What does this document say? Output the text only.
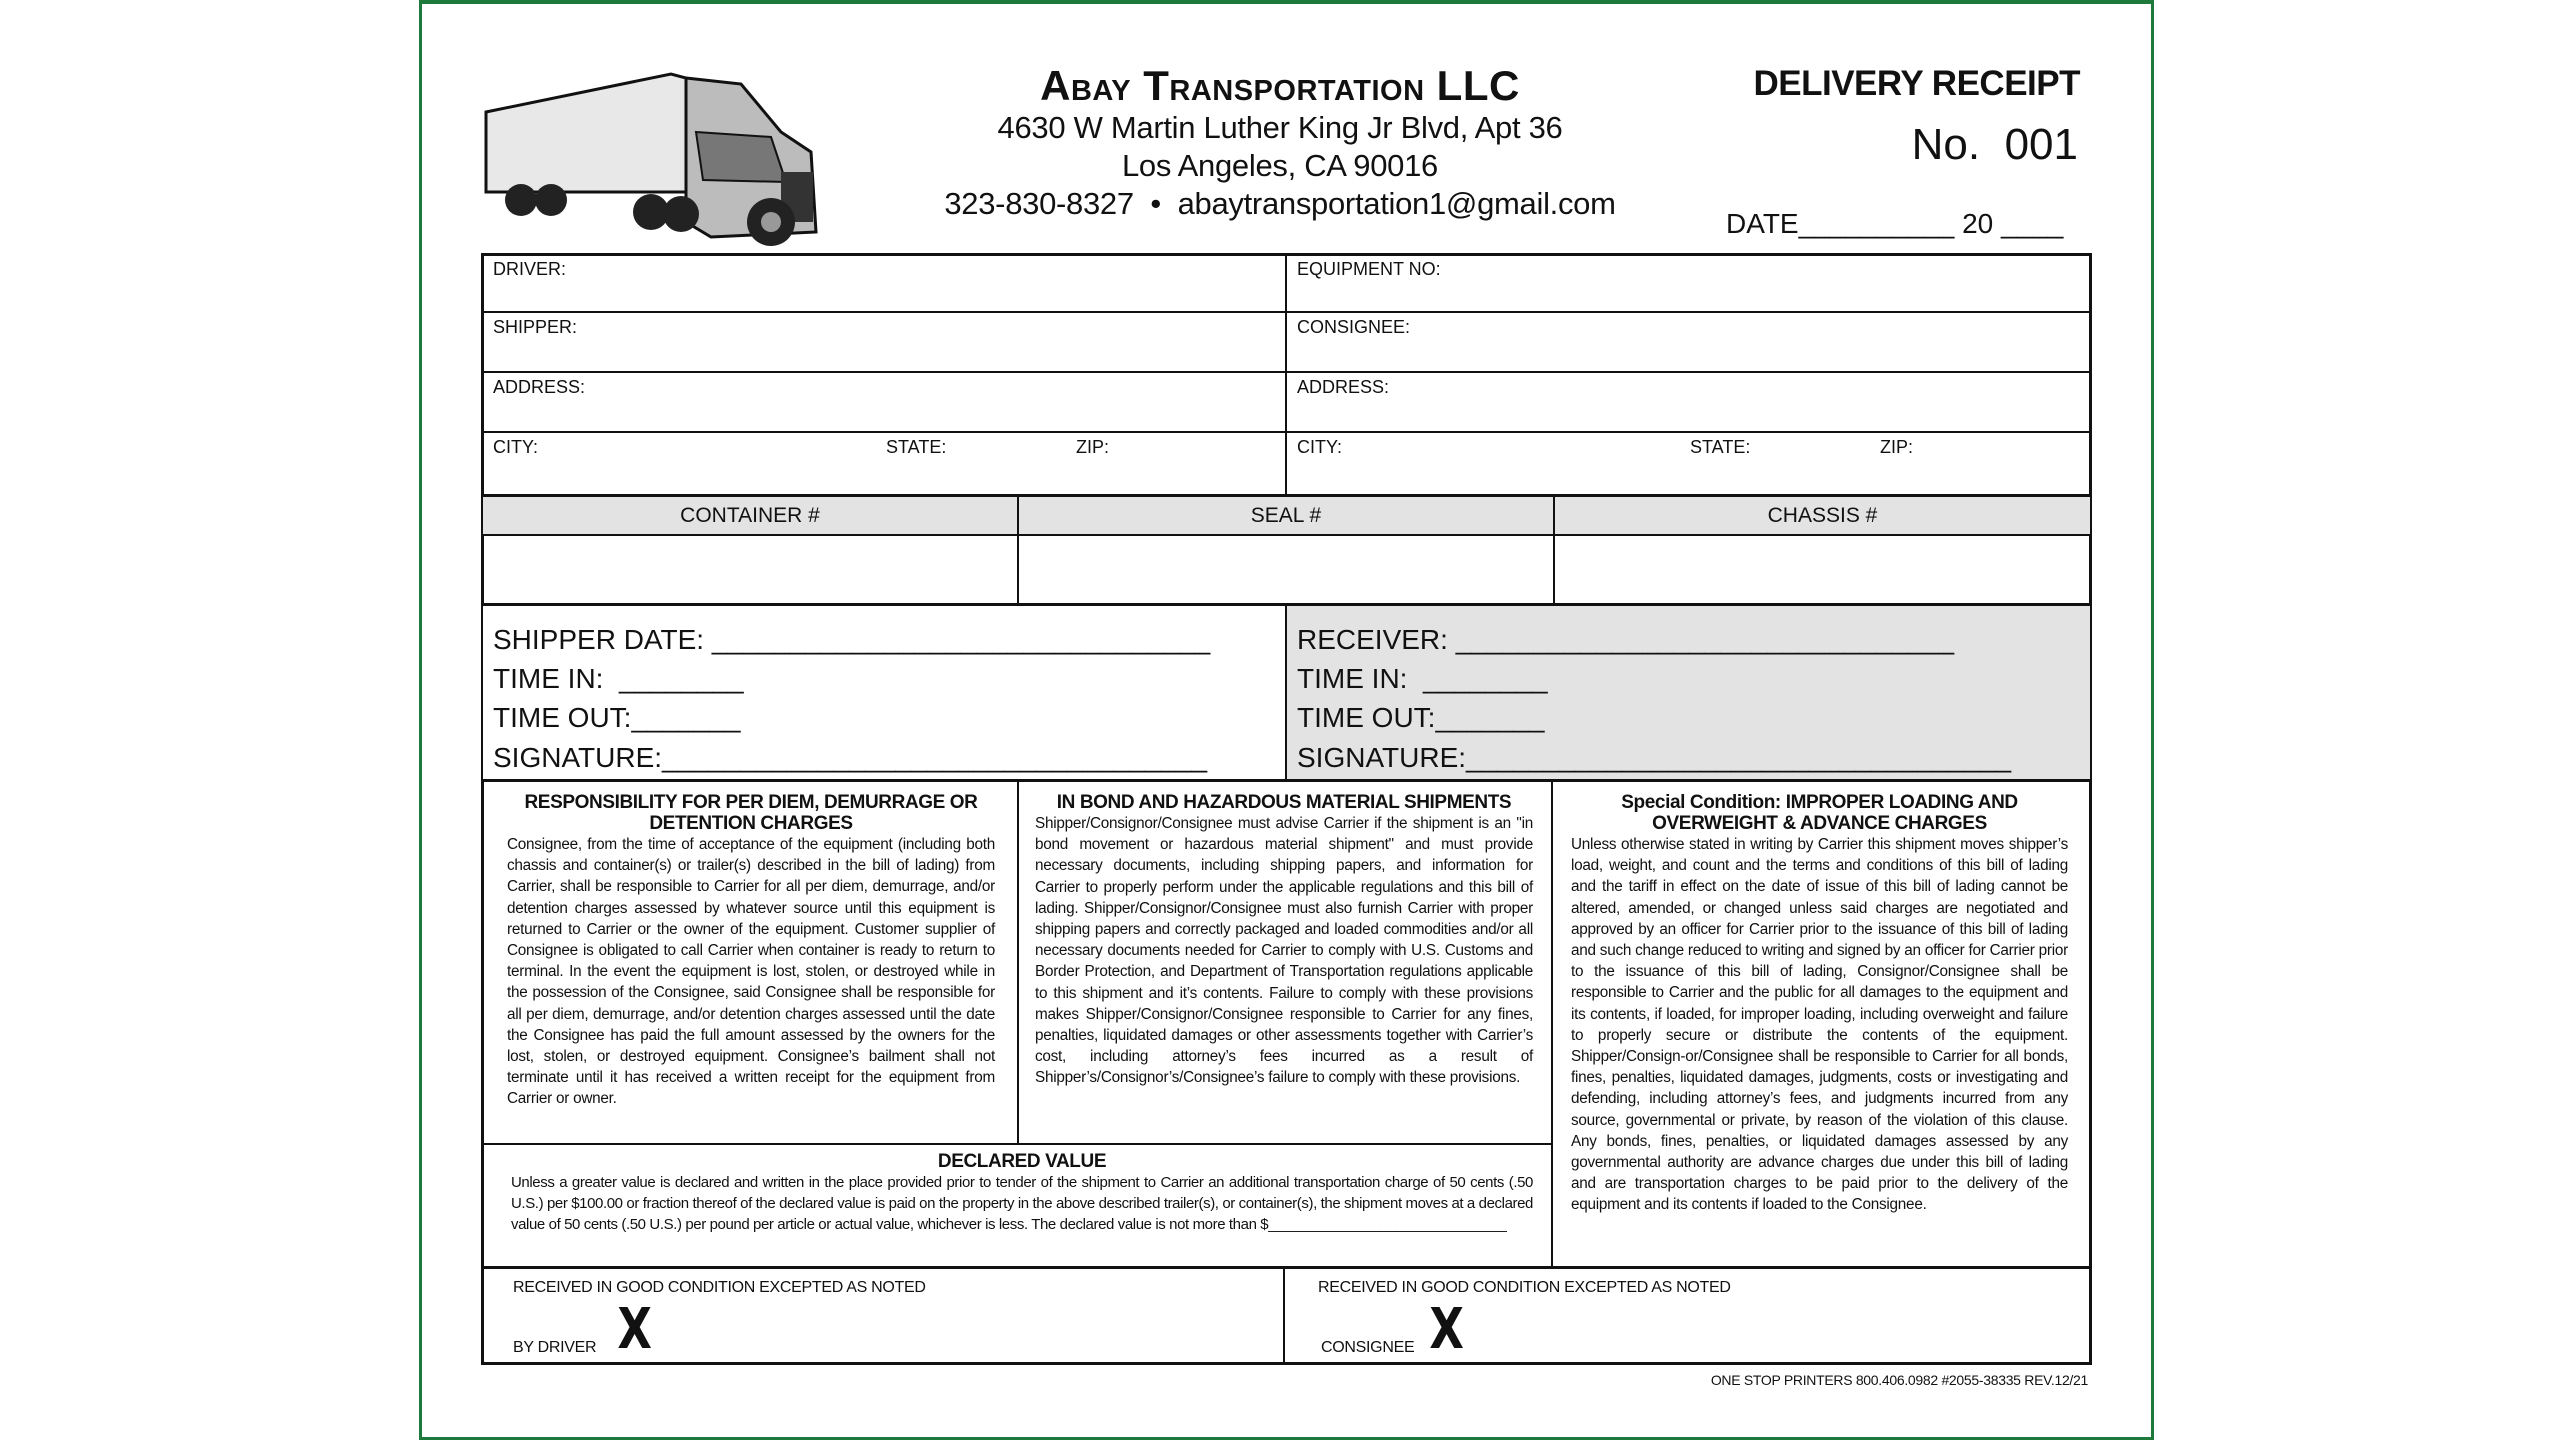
Abay Transportation LLC
4630 W Martin Luther King Jr Blvd, Apt 36
Los Angeles, CA 90016
323-830-8327  •  abaytransportation1@gmail.com
DELIVERY RECEIPT
No.  001
DATE__________ 20 ____
DRIVER:	EQUIPMENT NO:
SHIPPER:	CONSIGNEE:
ADDRESS:	ADDRESS:
CITY:	STATE:	ZIP:	CITY:	STATE:	ZIP:
CONTAINER #	SEAL #	CHASSIS #
SHIPPER DATE: ________________________________
TIME IN:  ________
TIME OUT:_______
SIGNATURE:___________________________________
RECEIVER: ________________________________
TIME IN:  ________
TIME OUT:_______
SIGNATURE:___________________________________
RESPONSIBILITY FOR PER DIEM, DEMURRAGE OR DETENTION CHARGES

Consignee, from the time of acceptance of the equipment (including both chassis and container(s) or trailer(s) described in the bill of lading) from Carrier, shall be responsible to Carrier for all per diem, demurrage, and/or detention charges assessed by whatever source until this equipment is returned to Carrier or the owner of the equipment. Customer supplier of Consignee is obligated to call Carrier when container is ready to return to terminal. In the event the equipment is lost, stolen, or destroyed while in the possession of the Consignee, said Consignee shall be responsible for all per diem, demurrage, and/or detention charges assessed until the date the Consignee has paid the full amount assessed by the owners for the lost, stolen, or destroyed equipment. Consignee’s bailment shall not terminate until it has received a written receipt for the equipment from Carrier or owner.

IN BOND AND HAZARDOUS MATERIAL SHIPMENTS

Shipper/Consignor/Consignee must advise Carrier if the shipment is an "in bond movement or hazardous material shipment" and must provide necessary documents, including shipping papers, and information for Carrier to properly perform under the applicable regulations and this bill of lading. Shipper/Consignor/Consignee must also furnish Carrier with proper shipping papers and correctly packaged and loaded commodities and/or all necessary documents needed for Carrier to comply with U.S. Customs and Border Protection, and Department of Transportation regulations applicable to this shipment and it’s contents. Failure to comply with these provisions makes Shipper/Consignor/Consignee responsible to Carrier for any fines, penalties, liquidated damages or other assessments together with Carrier’s cost, including attorney’s fees incurred as a result of Shipper’s/Consignor’s/Consignee’s failure to comply with these provisions.

Special Condition: IMPROPER LOADING AND OVERWEIGHT & ADVANCE CHARGES

Unless otherwise stated in writing by Carrier this shipment moves shipper’s load, weight, and count and the terms and conditions of this bill of lading and the tariff in effect on the date of issue of this bill of lading cannot be altered, amended, or changed unless said charges are negotiated and approved by an officer for Carrier prior to the issuance of this bill of lading and such change reduced to writing and signed by an officer for Carrier prior to the issuance of this bill of lading, Consignor/Consignee shall be responsible to Carrier and the public for all damages to the equipment and its contents, if loaded, for improper loading, including overweight and failure to properly secure or distribute the contents of the equipment. Shipper/Consign-or/Consignee shall be responsible to Carrier for all bonds, fines, penalties, liquidated damages, judgments, costs or investigating and defending, including attorney’s fees, and judgments incurred from any source, governmental or private, by reason of the violation of this clause. Any bonds, fines, penalties, or liquidated damages assessed by any governmental authority are advance charges due under this bill of lading and are transportation charges to be paid prior to the delivery of the equipment and its contents if loaded to the Consignee.

DECLARED VALUE

Unless a greater value is declared and written in the place provided prior to tender of the shipment to Carrier an additional transportation charge of 50 cents (.50 U.S.) per $100.00 or fraction thereof of the declared value is paid on the property in the above described trailer(s), or container(s), the shipment moves at a declared value of 50 cents (.50 U.S.) per pound per article or actual value, whichever is less. The declared value is not more than $______________________________

RECEIVED IN GOOD CONDITION EXCEPTED AS NOTED
BY DRIVER X
RECEIVED IN GOOD CONDITION EXCEPTED AS NOTED
CONSIGNEE X
ONE STOP PRINTERS 800.406.0982 #2055-38335 REV.12/21
